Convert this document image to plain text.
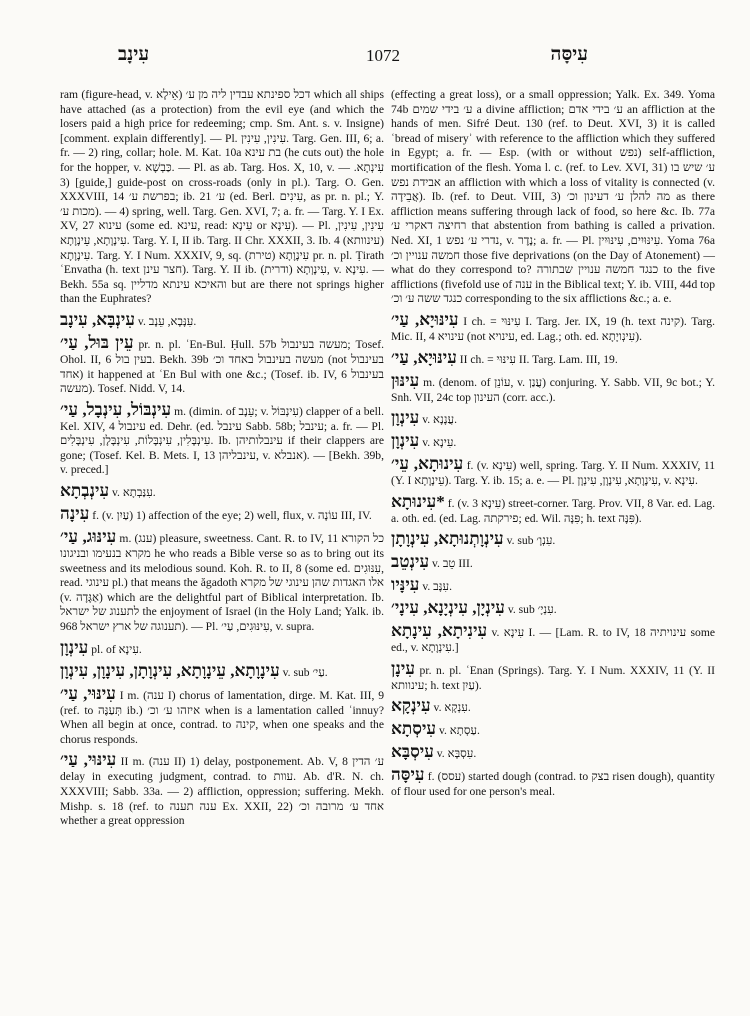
עִינָב	1072	עִיסָּה
ram (figure-head, v. אֵילָא) דכל ספינתא עבדין ליה מן ע׳ which all ships have attached (as a protection) from the evil eye (and which the losers paid a high price for redeeming; cmp. Sm. Ant. s. v. Insigne) [comment. explain differently]. — Pl. עִינִין, עִינִין. Targ. Gen. III, 6; a. fr. — 2) ring, collar; hole. M. Kat. 10a בת עינא (he cuts out) the hole for the hopper, v. כַּבְשָׁא. — Pl. as ab. Targ. Hos. X, 10, v. עִינְתָא. — 3) [guide,] guide-post on cross-roads (only in pl.). Targ. O. Gen. XXXVIII, 14 בפרשת ע׳; ib. 21 ע׳ (ed. Berl. עִינִים, as pr. n. pl.; Y. מכות ע׳). — 4) spring, well. Targ. Gen. XVI, 7; a. fr. — Targ. Y. I Ex. XV, 27 עינוא (some ed. עינא, read: עִינָא or עִינָא). — Pl. עִינִין, עִינִין, עִינָוָתָא, עֵינָוָתָא. Targ. Y. I, II ib. Targ. II Chr. XXXII, 3. Ib. 4 (עינוותא) עִינָוָתָא. Targ. Y. I Num. XXXIV, 9, sq. (טירת) עִינָוָתָא pr. n. pl. Ṭirath ʿEnvatha (h. text חצר עינן). Targ. Y. II ib. (ודרית) עִינָוְתָא, v. עִינָא. — Bekh. 55a sq. והאיכא עינתא מדליין but are there not springs higher than the Euphrates?
עִינְבָּא, עִינָב v. עִנָּבָא, עֵנָב.
עֵין בּוּל, עַי׳ pr. n. pl. ʿEn-Bul. Ḥull. 57b מעשה בעינבול; Tosef. Ohol. II, 6 בעין בול. Bekh. 39b מעשה בעינבול באחד וכ׳ (not בעינבול אחד) it happened at ʿEn Bul with one &c.; (Tosef. ib. IV, 6 בעינבול מעשה). Tosef. Nidd. V, 14.
עִינְבּוֹל, עִינְבָל, עַי׳ m. (dimin. of עֵנָב; v. עִינְבּוֹל) clapper of a bell. Kel. XIV, 4 עינבול ed. Dehr. (ed. עינבל Sabb. 58b; עינבל; a. fr. — Pl. עִינְבָּלִין, עִינְבָּלוֹת, עִינְבָּלָן, עִינְבָּלִים. Ib. עינבלותיהן if their clappers are gone; (Tosef. Kel. B. Mets. I, 13 עינבליהן, v. אנבלא). — [Bekh. 39b, v. preced.]
עִינְבְתָא v. עִנַּבְתָא.
עִינָה f. (v. עַיִן) 1) affection of the eye; 2) well, flux, v. עוֹנָה III, IV.
עִינּוּג, עַי׳ m. (ענג) pleasure, sweetness. Cant. R. to IV, 11 כל הקורא מקרא בנעימו ובניגונו he who reads a Bible verse so as to bring out its sweetness and its melodious sound. Koh. R. to II, 8 (some ed. עִנּוּגִים, read. עינוגי pl.) that means the ăgadoth אלו האגדות שהן עינוגי של מקרא (v. אַגָּדָה) which are the delightful part of Biblical interpretation. Ib. לתענוג של ישראל the enjoyment of Israel (in the Holy Land; Yalk. ib. 968 תענוגה של ארץ ישראל). — Pl. עִינּוּגִים, עַי׳, v. supra.
עִינְוָן pl. of עִינָא.
עִינָוָתָא, עֵינָוָתָא, עִינְוָתָן, עִינָוָן, עִינְוָן v. sub עַי׳.
עִינּוּי, עַי׳ I m. (ענה I) chorus of lamentation, dirge. M. Kat. III, 9 (ref. to תְּעַנֶּה ib.) איזהו ע׳ וכ׳ when is a lamentation called ʿinnuy? When all begin at once, contrad. to קינה, when one speaks and the chorus responds.
עִינּוּי, עַי׳ II m. (ענה II) 1) delay, postponement. Ab. V, 8 ע׳ הדין delay in executing judgment, contrad. to עוות. Ab. d'R. N. ch. XXXVIII; Sabb. 33a. — 2) affliction, oppression; suffering. Mekh. Mishp. s. 18 (ref. to ענה תענה Ex. XXII, 22) אחד ע׳ מרובה וכ׳ whether a great oppression
(effecting a great loss), or a small oppression; Yalk. Ex. 349. Yoma 74b ע׳ בידי שמים a divine affliction; ע׳ בידי אדם an affliction at the hands of men. Sifré Deut. 130 (ref. to Deut. XVI, 3) it is called ʿbread of miseryʾ with reference to the affliction which they suffered in Egypt; a. fr. — Esp. (with or without נפש) self-affliction, mortification of the flesh. Yoma l. c. (ref. to Lev. XVI, 31) ע׳ שיש בו אבידת נפש an affliction with which a loss of vitality is connected (v. אֲבֵידָה). Ib. (ref. to Deut. VIII, 3) מה להלן ע׳ דעינון וכ׳ as there affliction means suffering through lack of food, so here &c. Ib. 77a רחיצה דאקרי ע׳ that abstention from bathing is called a privation. Ned. XI, 1 נדרי ע׳ נפש, v. נֶדֶר; a. fr. — Pl. עִינּוּיִים, עִינּוּיִין. Yoma 76a חמשה ענויין וכ׳ those five deprivations (on the Day of Atonement) — what do they correspond to? כנגד חמשה ענויין שבתורה to the five afflictions (fivefold use of ענה in the Biblical text; Y. ib. VIII, 44d top כנגד ששה ע׳ וכ׳ corresponding to the six afflictions &c.; a. e.
עִינּוּיָא, עַי׳ I ch. = עִינּוּי I. Targ. Jer. IX, 19 (h. text קינה). Targ. Mic. II, 4 עינויא (not עינויא, ed. Lag.; oth. ed. עִינְויָתָא).
עִינּוּיָא, עַי׳ II ch. = עִינּוּי II. Targ. Lam. III, 19.
עִינּוּן m. (denom. of עוֹנֵן, v. עֲנַן) conjuring. Y. Sabb. VII, 9c bot.; Y. Snh. VII, 24c top העינון (corr. acc.).
עִינְוָן v. עֲנָנָא.
עִינְוָן v. עִינָא.
עִינוּתָא, עֵי׳ f. (v. עִינָא) well, spring. Targ. Y. II Num. XXXIV, 11 (Y. I עֵינָוָתָא). Targ. Y. ib. 15; a. e. — Pl. עִינָוָתָא, עִינָוָן, עִינְוָן, v. עִינָא.
*עִינוּתָא f. (v. עִינָא 3) street-corner. Targ. Prov. VII, 8 Var. ed. Lag. a. oth. ed. (ed. Lag. פירקתה; ed. Wil. פִּנָּה; h. text פִּנָּה).
עִינְוָתְנוּתָא, עִינְוָתָן v. sub עִנְוָ׳.
עִינְטֵב v. טֵב III.
עִינָּיו v. עִנָּב.
עִינְיָן, עִינְיָנָא, עִינָי׳ v. sub עִנְיָ׳.
עִינִיתָא, עִינָתָא v. עִינָא I. — [Lam. R. to IV, 18 עינויתיה some ed., v. עִינְוָתָא.]
עִינָן pr. n. pl. ʿEnan (Springs). Targ. Y. I Num. XXXIV, 11 (Y. II עינוותא; h. text עַיִן).
עִינְקָא v. עִנְקָא.
עִיסְתָא v. עַסְתָא.
עִיסְבָּא v. עִסְבָּא.
עִיסָּה f. (עסס) started dough (contrad. to בצק risen dough), quantity of flour used for one person's meal.
